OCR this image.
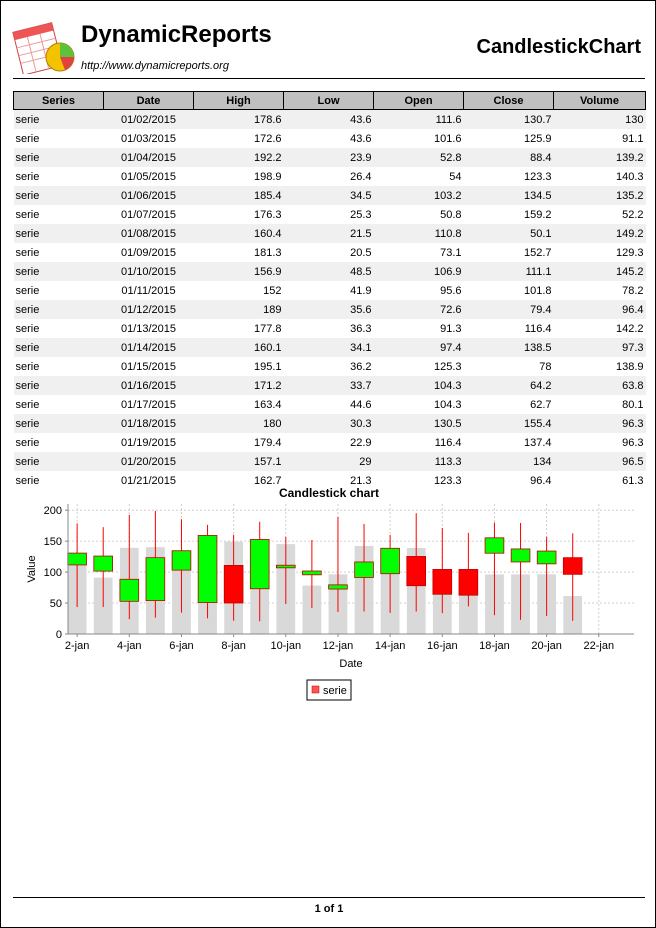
DynamicReports
http://www.dynamicreports.org
CandlestickChart
Series	Date	High	Low	Open	Close	Volume
serie	01/02/2015	178.6	43.6	111.6	130.7	130
serie	01/03/2015	172.6	43.6	101.6	125.9	91.1
serie	01/04/2015	192.2	23.9	52.8	88.4	139.2
serie	01/05/2015	198.9	26.4	54	123.3	140.3
serie	01/06/2015	185.4	34.5	103.2	134.5	135.2
serie	01/07/2015	176.3	25.3	50.8	159.2	52.2
serie	01/08/2015	160.4	21.5	110.8	50.1	149.2
serie	01/09/2015	181.3	20.5	73.1	152.7	129.3
serie	01/10/2015	156.9	48.5	106.9	111.1	145.2
serie	01/11/2015	152	41.9	95.6	101.8	78.2
serie	01/12/2015	189	35.6	72.6	79.4	96.4
serie	01/13/2015	177.8	36.3	91.3	116.4	142.2
serie	01/14/2015	160.1	34.1	97.4	138.5	97.3
serie	01/15/2015	195.1	36.2	125.3	78	138.9
serie	01/16/2015	171.2	33.7	104.3	64.2	63.8
serie	01/17/2015	163.4	44.6	104.3	62.7	80.1
serie	01/18/2015	180	30.3	130.5	155.4	96.3
serie	01/19/2015	179.4	22.9	116.4	137.4	96.3
serie	01/20/2015	157.1	29	113.3	134	96.5
serie	01/21/2015	162.7	21.3	123.3	96.4	61.3
Candlestick chart
0
50
100
150
200
2-jan	4-jan	6-jan	8-jan 10-jan 12-jan 14-jan 16-jan 18-jan 20-jan 22-jan
Date
Value
serie
1 of 1
